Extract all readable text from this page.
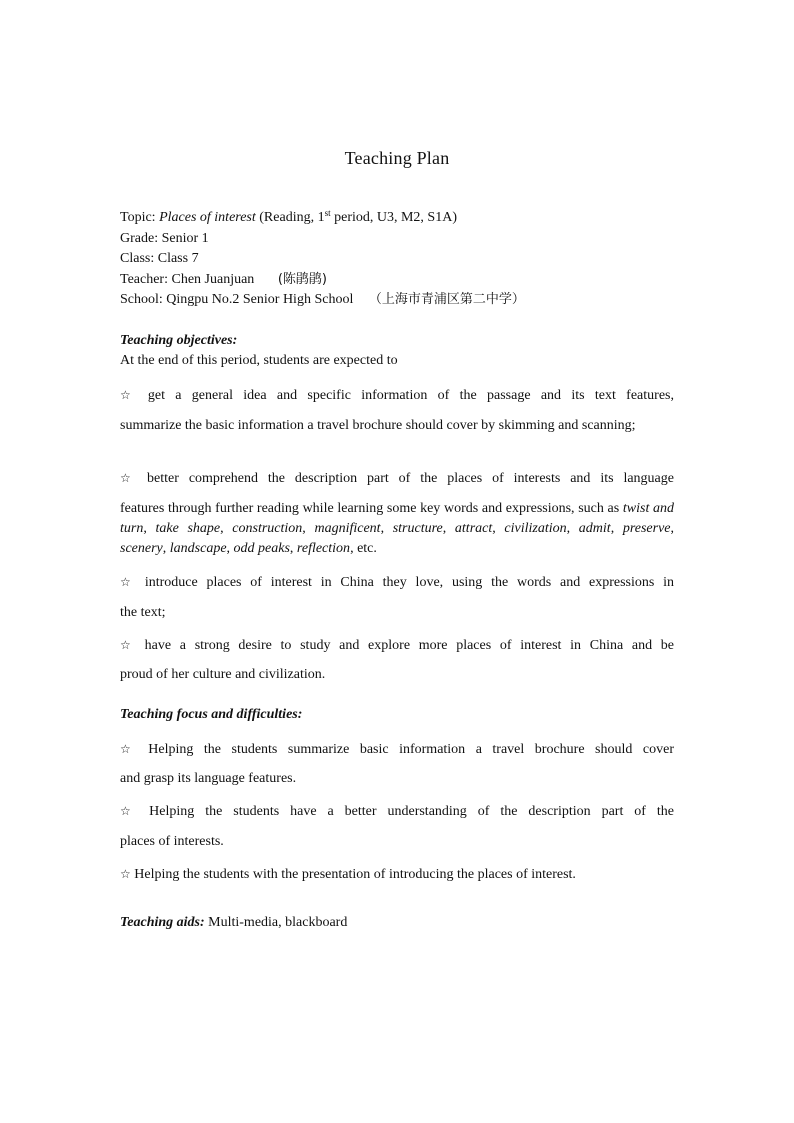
Teaching Plan
Topic: Places of interest (Reading, 1st period, U3, M2, S1A)
Grade: Senior 1
Class: Class 7
Teacher: Chen Juanjuan (陈鹃鹃)
School: Qingpu No.2 Senior High School （上海市青浦区第二中学）
Teaching objectives:
At the end of this period, students are expected to

☆ get a general idea and specific information of the passage and its text features,

summarize the basic information a travel brochure should cover by skimming and scanning;

☆ better comprehend the description part of the places of interests and its language

features through further reading while learning some key words and expressions, such as twist and turn, take shape, construction, magnificent, structure, attract, civilization, admit, preserve, scenery, landscape, odd peaks, reflection, etc.

☆ introduce places of interest in China they love, using the words and expressions in

the text;

☆ have a strong desire to study and explore more places of interest in China and be

proud of her culture and civilization.

Teaching focus and difficulties:

☆ Helping the students summarize basic information a travel brochure should cover

and grasp its language features.

☆ Helping the students have a better understanding of the description part of the

places of interests.

☆ Helping the students with the presentation of introducing the places of interest.

Teaching aids: Multi-media, blackboard
